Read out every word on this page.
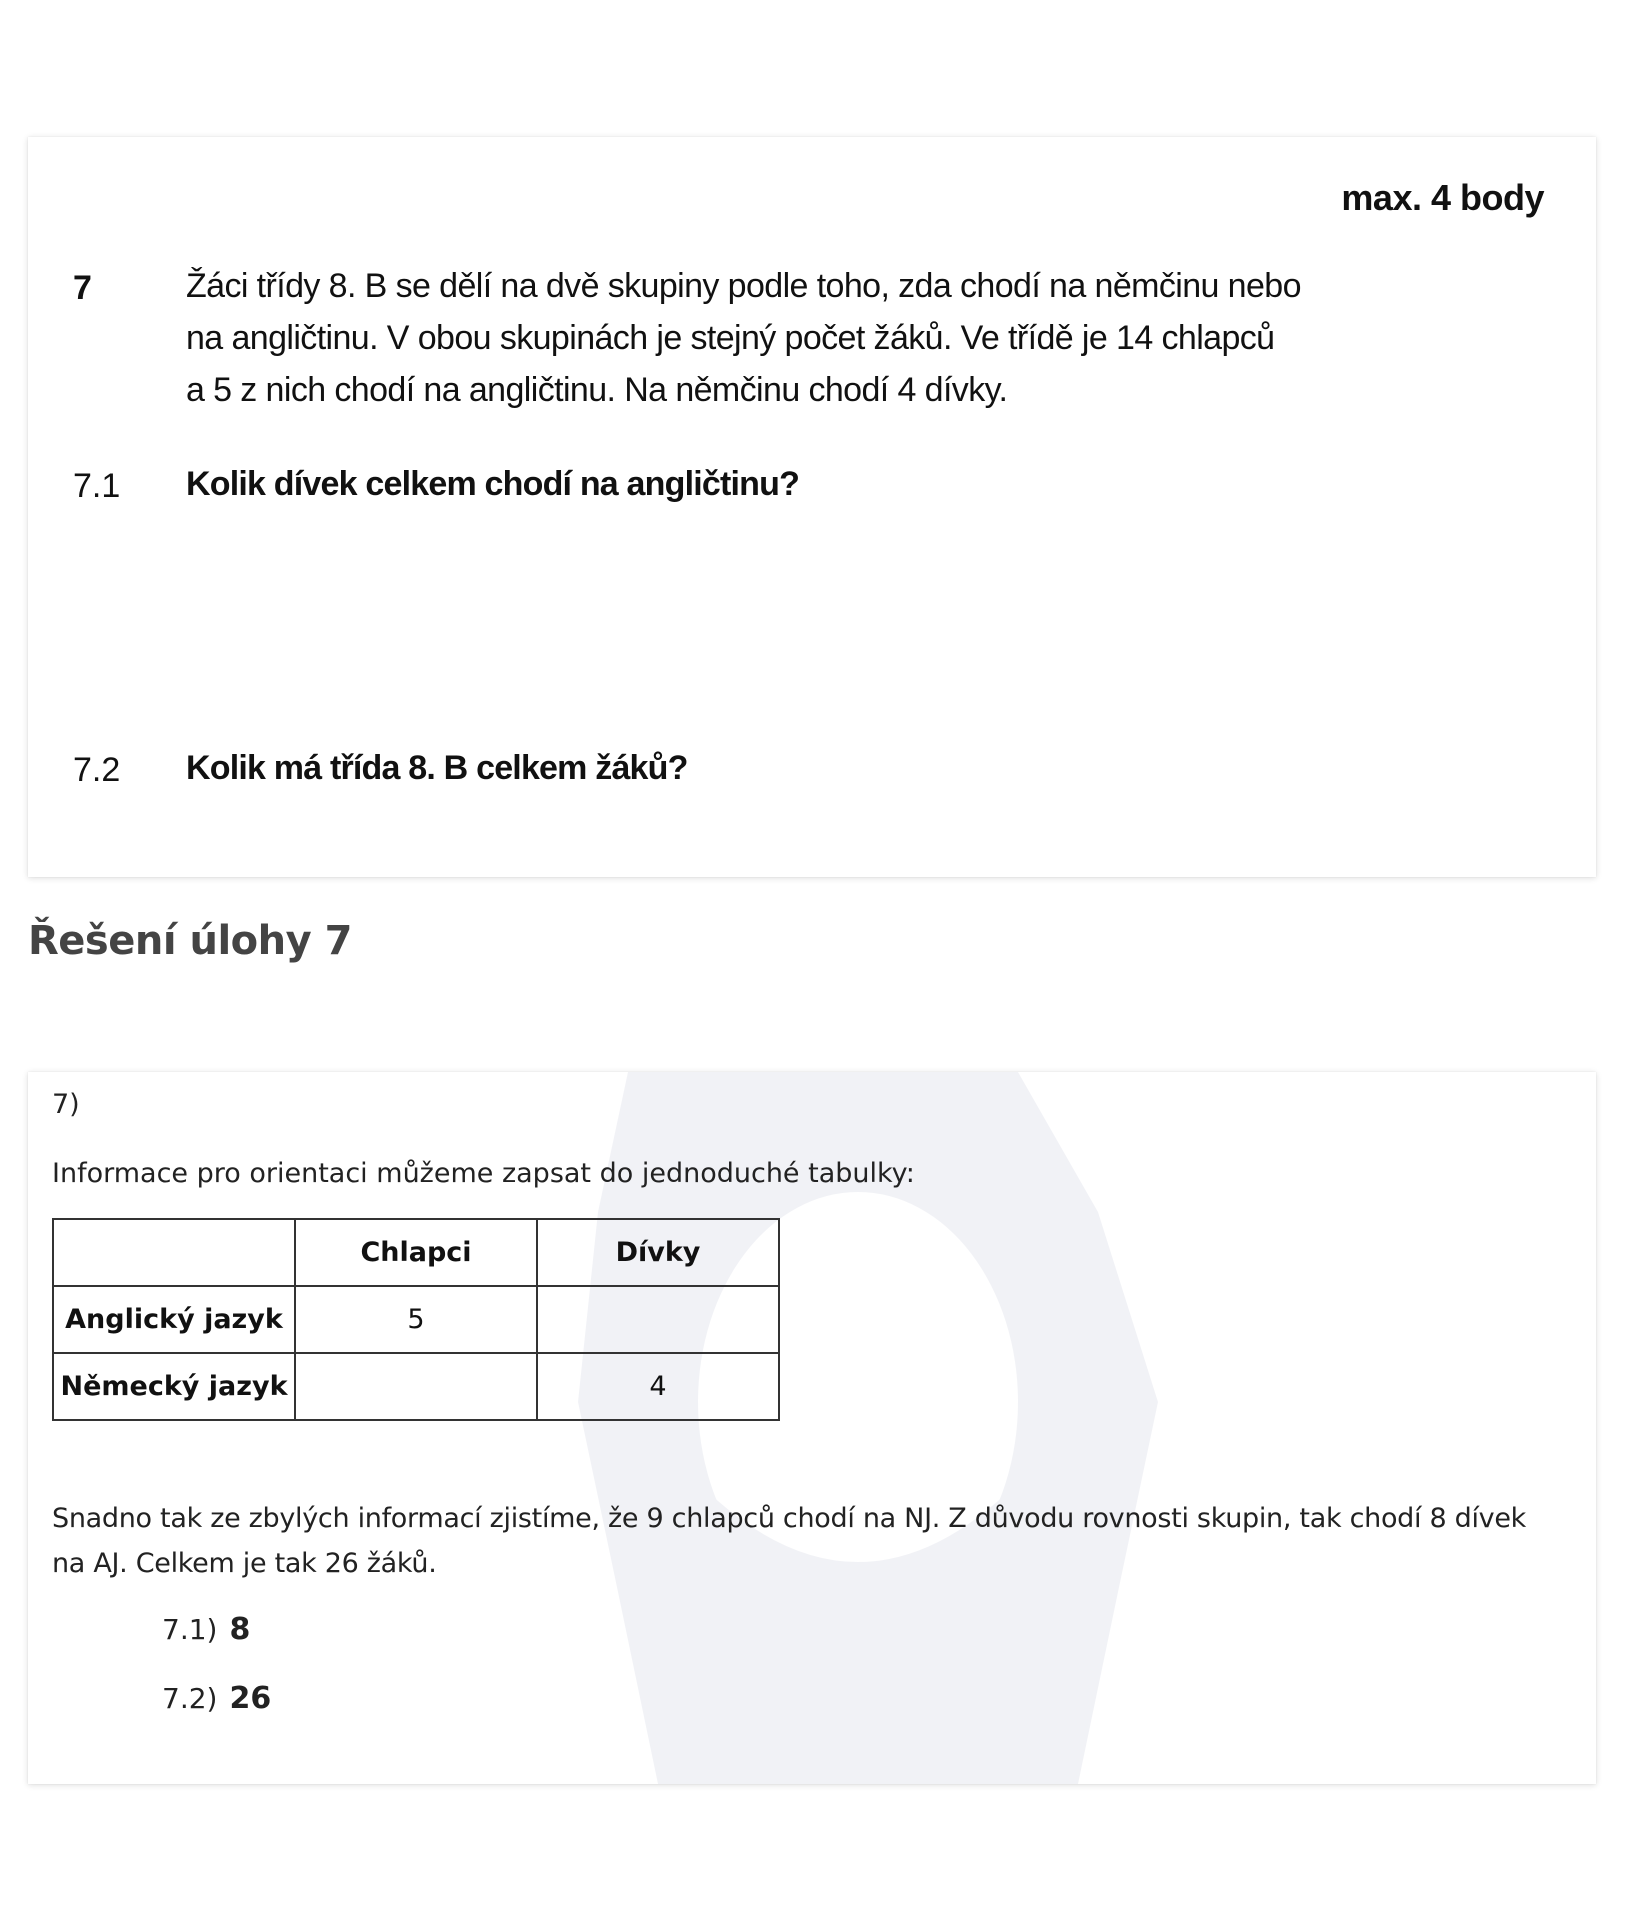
max. 4 body
7	Žáci třídy 8. B se dělí na dvě skupiny podle toho, zda chodí na němčinu nebo
na angličtinu. V obou skupinách je stejný počet žáků. Ve třídě je 14 chlapců
a 5 z nich chodí na angličtinu. Na němčinu chodí 4 dívky.
7.1 Kolik dívek celkem chodí na angličtinu?
7.2 Kolik má třída 8. B celkem žáků?
Řešení úlohy 7
7)
Informace pro orientaci můžeme zapsat do jednoduché tabulky:
	Chlapci	Dívky
Anglický jazyk	5	
Německý jazyk		4
Snadno tak ze zbylých informací zjistíme, že 9 chlapců chodí na NJ. Z důvodu rovnosti skupin, tak chodí 8 dívek
na AJ. Celkem je tak 26 žáků.
7.1) 8
7.2) 26
